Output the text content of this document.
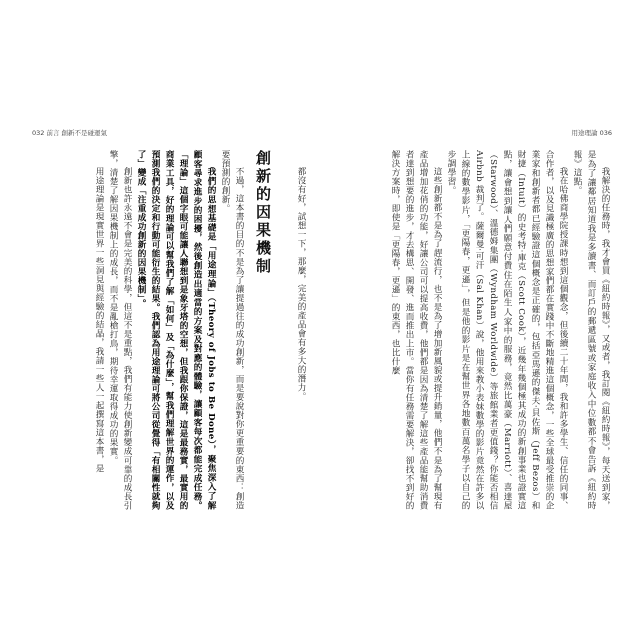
用途理論 036

我解決的任務時，我才會買《紐約時報》，又或者，我訂閱《紐約時報》，每天送到家，是為了讓鄰居知道我是多讀書、而訂戶的郵遞區號或家庭收入中位數都不會告訴《紐約時報》這點。

我在哈佛商學院授課時想到這個觀念，但後續二十年間，我和許多學生、信任的同事、合作者，以及見識極廣的思想家們都在實踐中不斷地精進這個概念，一些全球最受推崇的企業家和創新者都已經驗證這個概念是正確的，包括亞馬遜的傑夫‧貝佐斯（Jeff Bezos）和財捷（Intuit）的史考特‧庫克（Scott Cook），近幾年幾個極其成功的新創事業也證實這點，讓會想到讓人們願意付費住在陌生人家中的服務，竟然比萬豪（Marriott）、喜達屋（Starwood）、溫德姆集團（Wyndham Worldwide）等旅館業者更值錢？你能否相信 Airbnb 裁判了。薩爾曼‧可汗（Sal Khan）說，他用來教小表妹數學的影片竟然在許多以上線的數學影片，「更陽春，更遜」，但是他的影片是在幫世界各地數百萬名學子以自己的步調學習。

這些創新都不是為了趕流行，也不是為了增加新風貌或提升銷量，他們不是為了幫現有產品增加花俏的功能，好讓公司可以提高收費，他們都是因為清楚了解這些產品能幫助消費者達到想要的進步，才去構思、開發、進而推出上市。當你有任務需要解決，卻找不到好的解決方案時，即使是「更陽春，更遜」的東西，也比什麼

032 前言 創新不是碰運氣

都沒有好，試想一下，那麼，完美的產品會有多大的潛力。

創新的因果機制

不過，這本書的目的不是為了讓提過往的成功創新，而是要說對你更重要的東西：創造要預測的創新。

我們的思想基礎是「用途理論」（Theory of Jobs to Be Done），聚焦深入了解顧客尋求進步的困擾，然後創造出適當的方案及對應的體驗，讓顧客每次都能完成任務。「理論」這個字眼可能讓人聯想到是象牙塔的空想，但我跟你保證，這是最務實，最實用的商業工具，好的理論可以幫我們了解「如何」及「為什麼」，幫我們理解世界的運作，以及預測我們的決定和行動可能衍生的結果。我們認為用途理論可將公司從覺得「有相關性就夠了」變成「注重成功創新的因果機制」。

創新也許永遠不會是完美的科學，但這不是重點，我們有能力使創新變成可靠的成長引擎，清楚了解因果機制上的成長，而不是亂槍打鳥，期待幸運取得成功的果實。

用途理論是現實世界一些洞見與經驗的結晶，我請一些人一起撰寫這本書，是
